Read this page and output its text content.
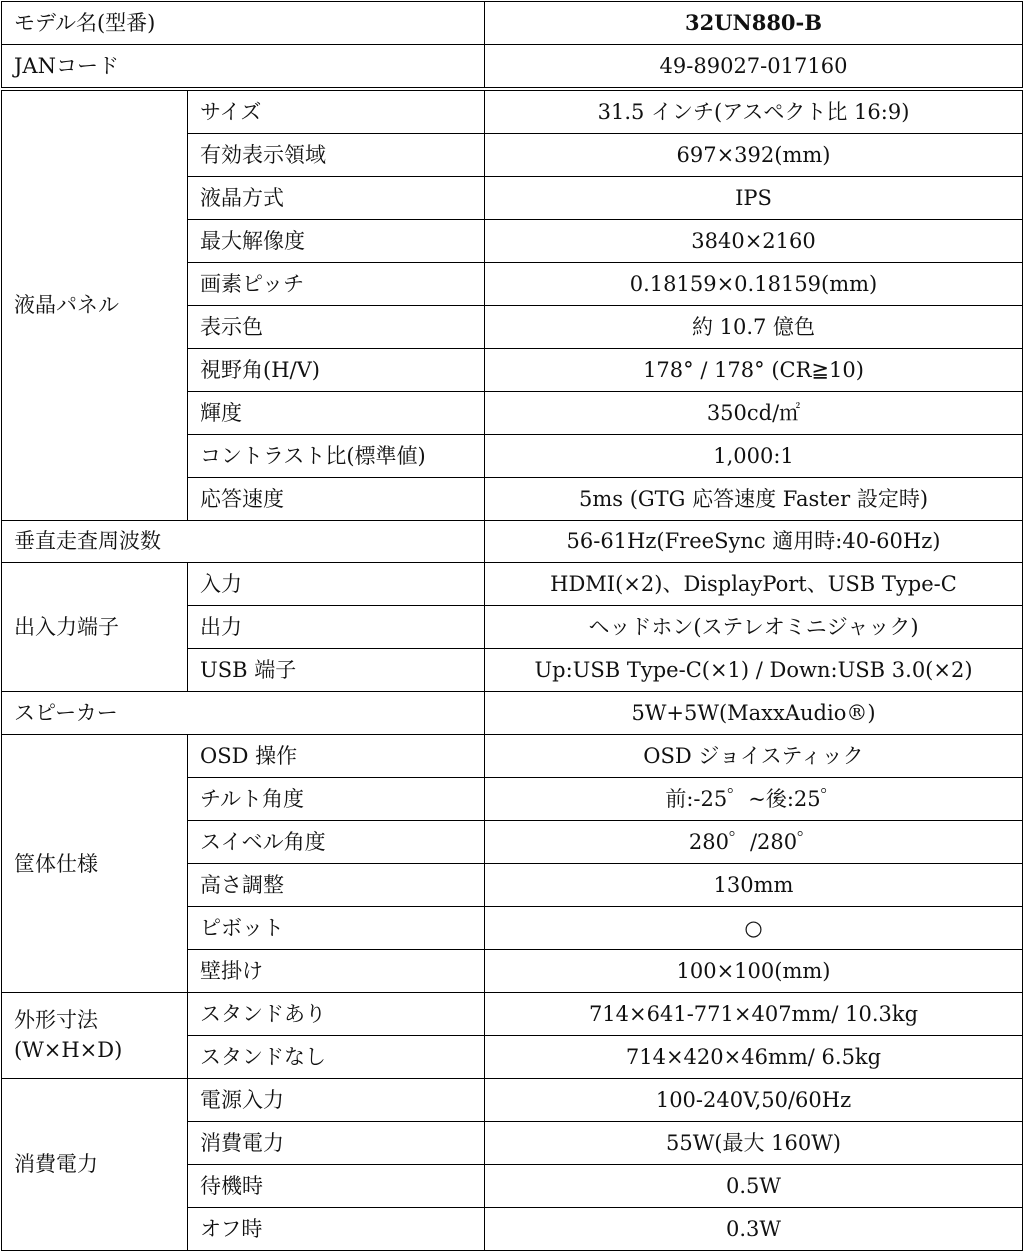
モデル名(型番)		32UN880-B
JANコード		49-89027-017160
液晶パネル	サイズ	31.5 インチ(アスペクト比 16:9)
	有効表示領域	697×392(mm)
	液晶方式	IPS
	最大解像度	3840×2160
	画素ピッチ	0.18159×0.18159(mm)
	表示色	約 10.7 億色
	視野角(H/V)	178° / 178° (CR≧10)
	輝度	350cd/㎡
	コントラスト比(標準値)	1,000:1
	応答速度	5ms (GTG 応答速度 Faster 設定時)
垂直走査周波数		56-61Hz(FreeSync 適用時:40-60Hz)
出入力端子	入力	HDMI(×2)、DisplayPort、USB Type-C
	出力	ヘッドホン(ステレオミニジャック)
	USB 端子	Up:USB Type-C(×1) / Down:USB 3.0(×2)
スピーカー		5W+5W(MaxxAudio®)
筐体仕様	OSD 操作	OSD ジョイスティック
	チルト角度	前:-25゜~後:25゜
	スイベル角度	280゜/280゜
	高さ調整	130mm
	ピボット	○
	壁掛け	100×100(mm)

外形寸法
(W×H×D)	スタンドあり	714×641-771×407mm/ 10.3kg
	スタンドなし	714×420×46mm/ 6.5kg
消費電力	電源入力	100-240V,50/60Hz
	消費電力	55W(最大 160W)
	待機時	0.5W
	オフ時	0.3W
